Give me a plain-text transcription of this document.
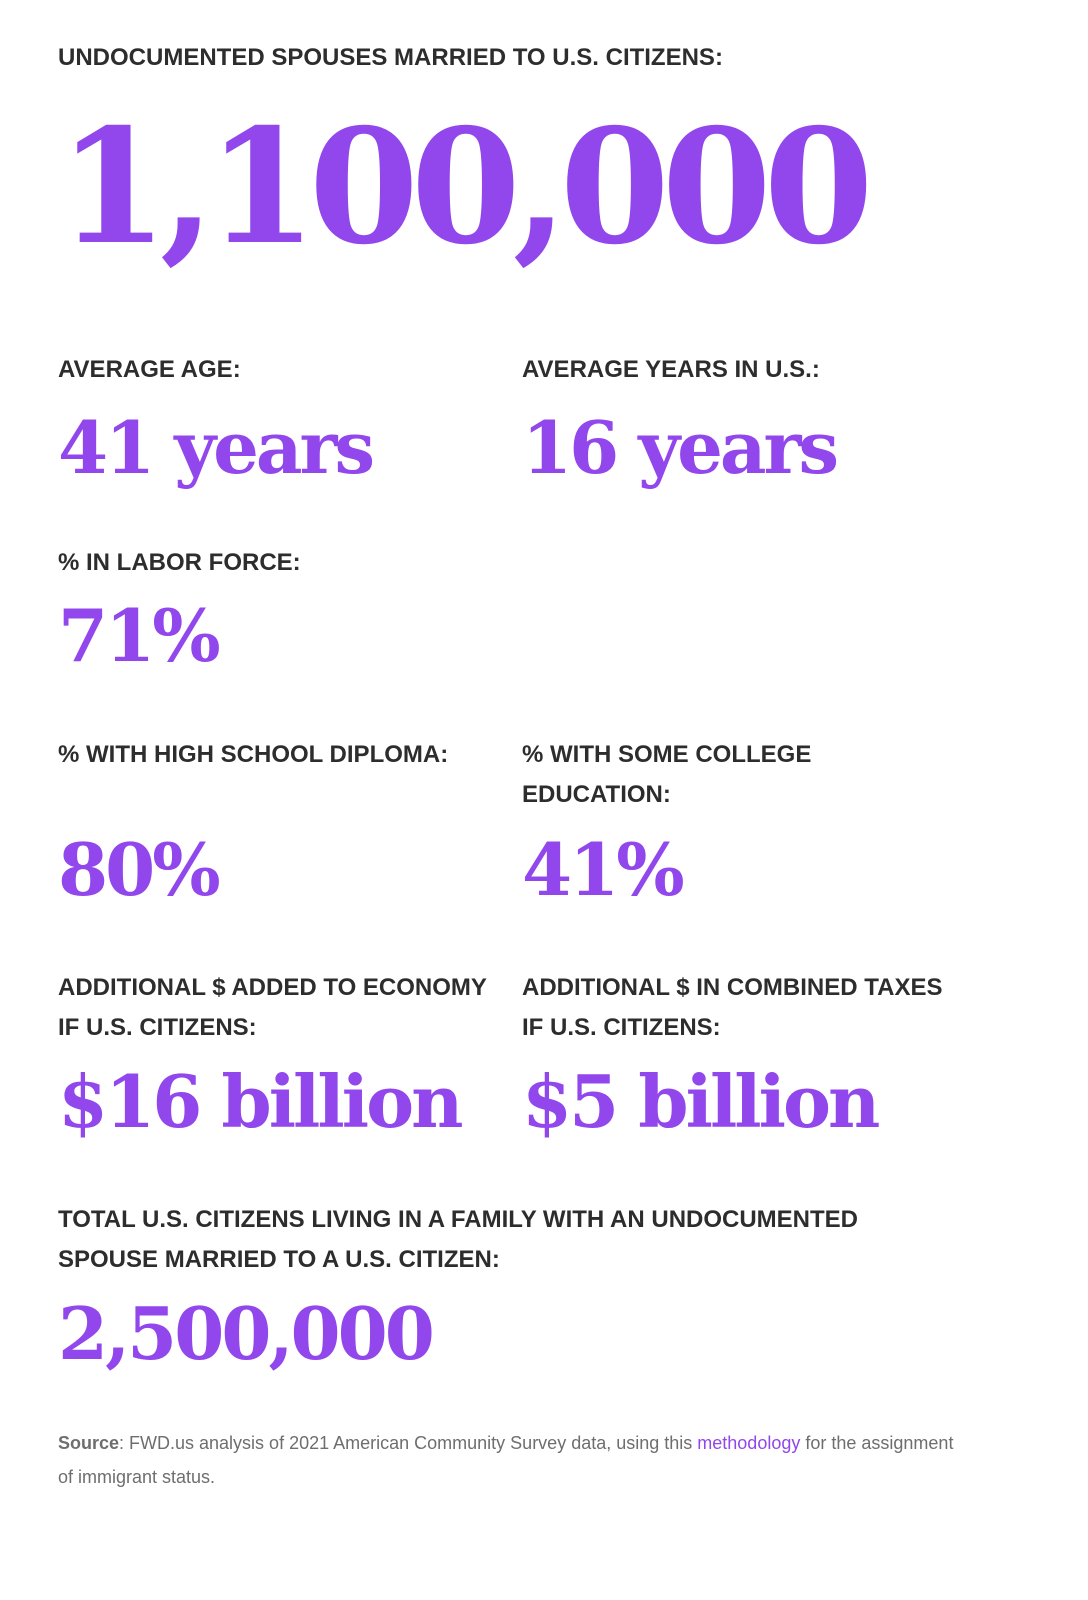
UNDOCUMENTED SPOUSES MARRIED TO U.S. CITIZENS:

1,100,000

AVERAGE AGE:

41 years

AVERAGE YEARS IN U.S.:

16 years

% IN LABOR FORCE:

71%

% WITH HIGH SCHOOL DIPLOMA:

80%

% WITH SOME COLLEGE EDUCATION:

41%

ADDITIONAL $ ADDED TO ECONOMY IF U.S. CITIZENS:

$16 billion

ADDITIONAL $ IN COMBINED TAXES IF U.S. CITIZENS:

$5 billion

TOTAL U.S. CITIZENS LIVING IN A FAMILY WITH AN UNDOCUMENTED SPOUSE MARRIED TO A U.S. CITIZEN:

2,500,000

Source: FWD.us analysis of 2021 American Community Survey data, using this methodology for the assignment of immigrant status.
